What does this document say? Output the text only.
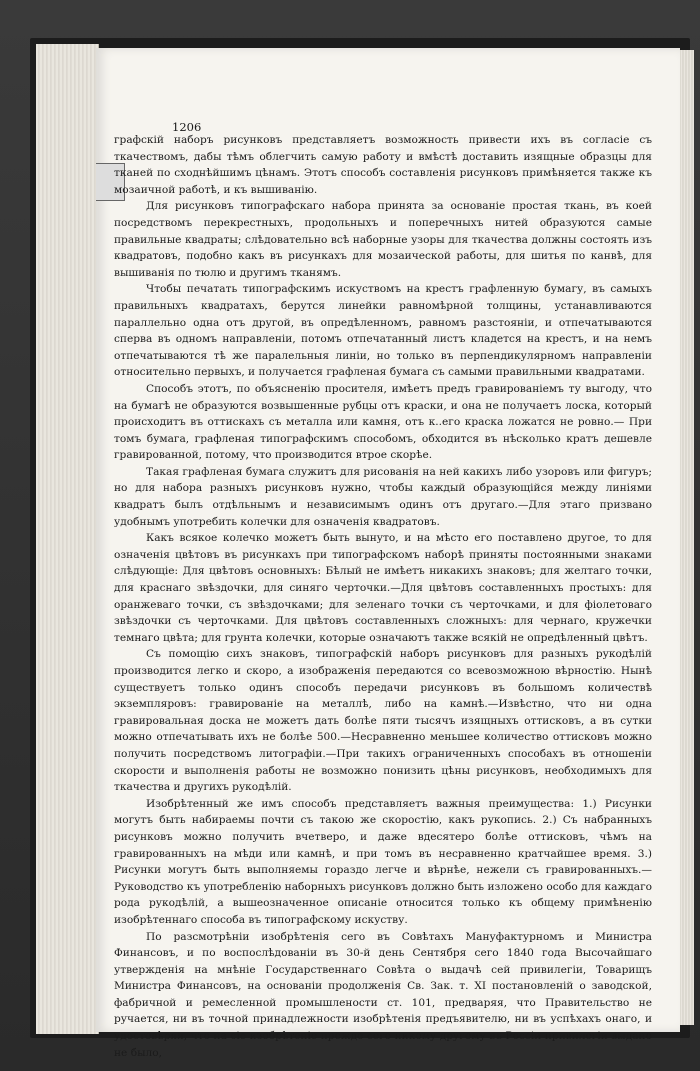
1206

графскій наборъ рисунковъ представляетъ возможность привести ихъ въ согласіе съ ткачествомъ, дабы тѣмъ облегчить самую работу и вмѣстѣ доставить изящные образцы для тканей по сходнѣйшимъ цѣнамъ. Этотъ способъ составленія рисунковъ примѣняется также къ мозаичной работѣ, и къ вышиванію.

Для рисунковъ типографскаго набора принята за основаніе простая ткань, въ коей посредствомъ перекрестныхъ, продольныхъ и поперечныхъ нитей образуются самые правильные квадраты; слѣдовательно всѣ наборные узоры для ткачества должны состоять изъ квадратовъ, подобно какъ въ рисункахъ для мозаической работы, для шитья по канвѣ, для вышиванія по тюлю и другимъ тканямъ.

Чтобы печатать типографскимъ искуствомъ на крестъ графленную бумагу, въ самыхъ правильныхъ квадратахъ, берутся линейки равномѣрной толщины, устанавливаются параллельно одна отъ другой, въ опредѣленномъ, равномъ разстояніи, и отпечатываются сперва въ одномъ направленіи, потомъ отпечатанный листъ кладется на крестъ, и на немъ отпечатываются тѣ же паралельныя линіи, но только въ перпендикулярномъ направленіи относительно первыхъ, и получается графленая бумага съ самыми правильными квадратами.

Способъ этотъ, по объясненію просителя, имѣетъ предъ гравированіемъ ту выгоду, что на бумагѣ не образуются возвышенные рубцы отъ краски, и она не получаетъ лоска, который происходитъ въ оттискахъ съ металла или камня, отъ к..его краска ложатся не ровно.— При томъ бумага, графленая типографскимъ способомъ, обходится въ нѣсколько кратъ дешевле гравированной, потому, что производится втрое скорѣе.

Такая графленая бумага служитъ для рисованія на ней какихъ либо узоровъ или фигуръ; но для набора разныхъ рисунковъ нужно, чтобы каждый образующійся между линіями квадратъ былъ отдѣльнымъ и независимымъ одинъ отъ другаго.—Для этаго призвано удобнымъ употребить колечки для означенія квадратовъ.

Какъ всякое колечко можетъ быть вынуто, и на мѣсто его поставлено другое, то для означенія цвѣтовъ въ рисункахъ при типографскомъ наборѣ приняты постоянными знаками слѣдующіе: Для цвѣтовъ основныхъ: Бѣлый не имѣетъ никакихъ знаковъ; для желтаго точки, для краснаго звѣздочки, для синяго черточки.—Для цвѣтовъ составленныхъ простыхъ: для оранжеваго точки, съ звѣздочками; для зеленаго точки съ черточками, и для фіолетоваго звѣздочки съ черточками. Для цвѣтовъ составленныхъ сложныхъ: для чернаго, кружечки темнаго цвѣта; для грунта колечки, которые означаютъ также всякій не опредѣленный цвѣтъ.

Съ помощію сихъ знаковъ, типографскій наборъ рисунковъ для разныхъ рукодѣлій производится легко и скоро, а изображенія передаются со всевозможною вѣрностію. Нынѣ существуетъ только одинъ способъ передачи рисунковъ въ большомъ количествѣ экземпляровъ: гравированіе на металлѣ, либо на камнѣ.—Извѣстно, что ни одна гравировальная доска не можетъ дать болѣе пяти тысячъ изящныхъ оттисковъ, а въ сутки можно отпечатывать ихъ не болѣе 500.—Несравненно меньшее количество оттисковъ можно получить посредствомъ литографіи.—При такихъ ограниченныхъ способахъ въ отношеніи скорости и выполненія работы не возможно понизить цѣны рисунковъ, необходимыхъ для ткачества и другихъ рукодѣлій.

Изобрѣтенный же имъ способъ представляетъ важныя преимущества: 1.) Рисунки могутъ быть набираемы почти съ такою же скоростію, какъ рукопись. 2.) Съ набранныхъ рисунковъ можно получить вчетверо, и даже вдесятеро болѣе оттисковъ, чѣмъ на гравированныхъ на мѣди или камнѣ, и при томъ въ несравненно кратчайшее время. 3.) Рисунки могутъ быть выполняемы гораздо легче и вѣрнѣе, нежели съ гравированныхъ.—Руководство къ употребленію наборныхъ рисунковъ должно быть изложено особо для каждаго рода рукодѣлій, а вышеозначенное описаніе относится только къ общему примѣненію изобрѣтеннаго способа въ типографскому искуству.

По разсмотрѣніи изобрѣтенія сего въ Совѣтахъ Мануфактурномъ и Министра Финансовъ, и по воспослѣдованіи въ 30-й день Сентября сего 1840 года Высочайшаго утвержденія на мнѣніе Государственнаго Совѣта о выдачѣ сей привилегіи, Товарищъ Министра Финансовъ, на основаніи продолженія Св. Зак. т. XI постановленій о заводской, фабричной и ремесленной промышлености ст. 101, предваряя, что Правительство не ручается, ни въ точной принадлежности изобрѣтенія предъявителю, ни въ успѣхахъ онаго, и удостовѣряя, что на сіе изобрѣтеніе прежде сего никому другому въ Россіи привилегіи выдано не было,
